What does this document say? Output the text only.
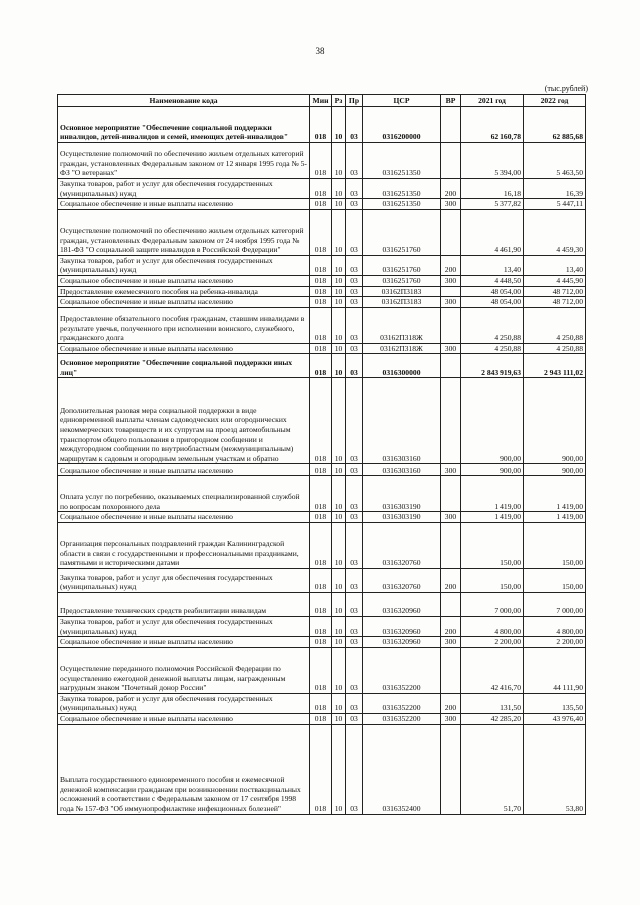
38
(тыс.рублей)
Наименование кода	Мин	Рз	Пр	ЦСР	ВР	2021 год	2022 год
Основное мероприятие "Обеспечение социальной поддержки инвалидов, детей-инвалидов и семей, имеющих детей-инвалидов"	018	10	03	0316200000		62 160,78	62 885,68
Осуществление полномочий по обеспечению жильем отдельных категорий граждан, установленных Федеральным законом от 12 января 1995 года № 5-ФЗ "О ветеранах"	018	10	03	0316251350		5 394,00	5 463,50
Закупка товаров, работ и услуг для обеспечения государственных (муниципальных) нужд	018	10	03	0316251350	200	16,18	16,39
Социальное обеспечение и иные выплаты населению	018	10	03	0316251350	300	5 377,82	5 447,11
Осуществление полномочий по обеспечению жильем отдельных категорий граждан, установленных Федеральным законом от 24 ноября 1995 года № 181-ФЗ "О социальной защите инвалидов в Российской Федерации"	018	10	03	0316251760		4 461,90	4 459,30
Закупка товаров, работ и услуг для обеспечения государственных (муниципальных) нужд	018	10	03	0316251760	200	13,40	13,40
Социальное обеспечение и иные выплаты населению	018	10	03	0316251760	300	4 448,50	4 445,90
Предоставление ежемесячного пособия на ребенка-инвалида	018	10	03	03162П3183		48 054,00	48 712,00
Социальное обеспечение и иные выплаты населению	018	10	03	03162П3183	300	48 054,00	48 712,00
Предоставление обязательного пособия гражданам, ставшим инвалидами в результате увечья, полученного при исполнении воинского, служебного, гражданского долга	018	10	03	03162П318Ж		4 250,88	4 250,88
Социальное обеспечение и иные выплаты населению	018	10	03	03162П318Ж	300	4 250,88	4 250,88
Основное мероприятие "Обеспечение социальной поддержки иных лиц"	018	10	03	0316300000		2 843 919,63	2 943 111,02
Дополнительная разовая мера социальной поддержки в виде единовременной выплаты членам садоводческих или огороднических некоммерческих товариществ и их супругам на проезд автомобильным транспортом общего пользования в пригородном сообщении и междугородном сообщении по внутриобластным (межмуниципальным) маршрутам к садовым и огородным земельным участкам и обратно	018	10	03	0316303160		900,00	900,00
Социальное обеспечение и иные выплаты населению	018	10	03	0316303160	300	900,00	900,00
Оплата услуг по погребению, оказываемых специализированной службой по вопросам похоронного дела	018	10	03	0316303190		1 419,00	1 419,00
Социальное обеспечение и иные выплаты населению	018	10	03	0316303190	300	1 419,00	1 419,00
Организация персональных поздравлений граждан Калининградской области в связи с государственными и профессиональными праздниками, памятными и историческими датами	018	10	03	0316320760		150,00	150,00
Закупка товаров, работ и услуг для обеспечения государственных (муниципальных) нужд	018	10	03	0316320760	200	150,00	150,00
Предоставление технических средств реабилитации инвалидам	018	10	03	0316320960		7 000,00	7 000,00
Закупка товаров, работ и услуг для обеспечения государственных (муниципальных) нужд	018	10	03	0316320960	200	4 800,00	4 800,00
Социальное обеспечение и иные выплаты населению	018	10	03	0316320960	300	2 200,00	2 200,00
Осуществление переданного полномочия Российской Федерации по осуществлению ежегодной денежной выплаты лицам, награжденным нагрудным знаком "Почетный донор России"	018	10	03	0316352200		42 416,70	44 111,90
Закупка товаров, работ и услуг для обеспечения государственных (муниципальных) нужд	018	10	03	0316352200	200	131,50	135,50
Социальное обеспечение и иные выплаты населению	018	10	03	0316352200	300	42 285,20	43 976,40
Выплата государственного единовременного пособия и ежемесячной денежной компенсации гражданам при возникновении поствакцинальных осложнений в соответствии с Федеральным законом от 17 сентября 1998 года № 157-ФЗ "Об иммунопрофилактике инфекционных болезней"	018	10	03	0316352400		51,70	53,80
